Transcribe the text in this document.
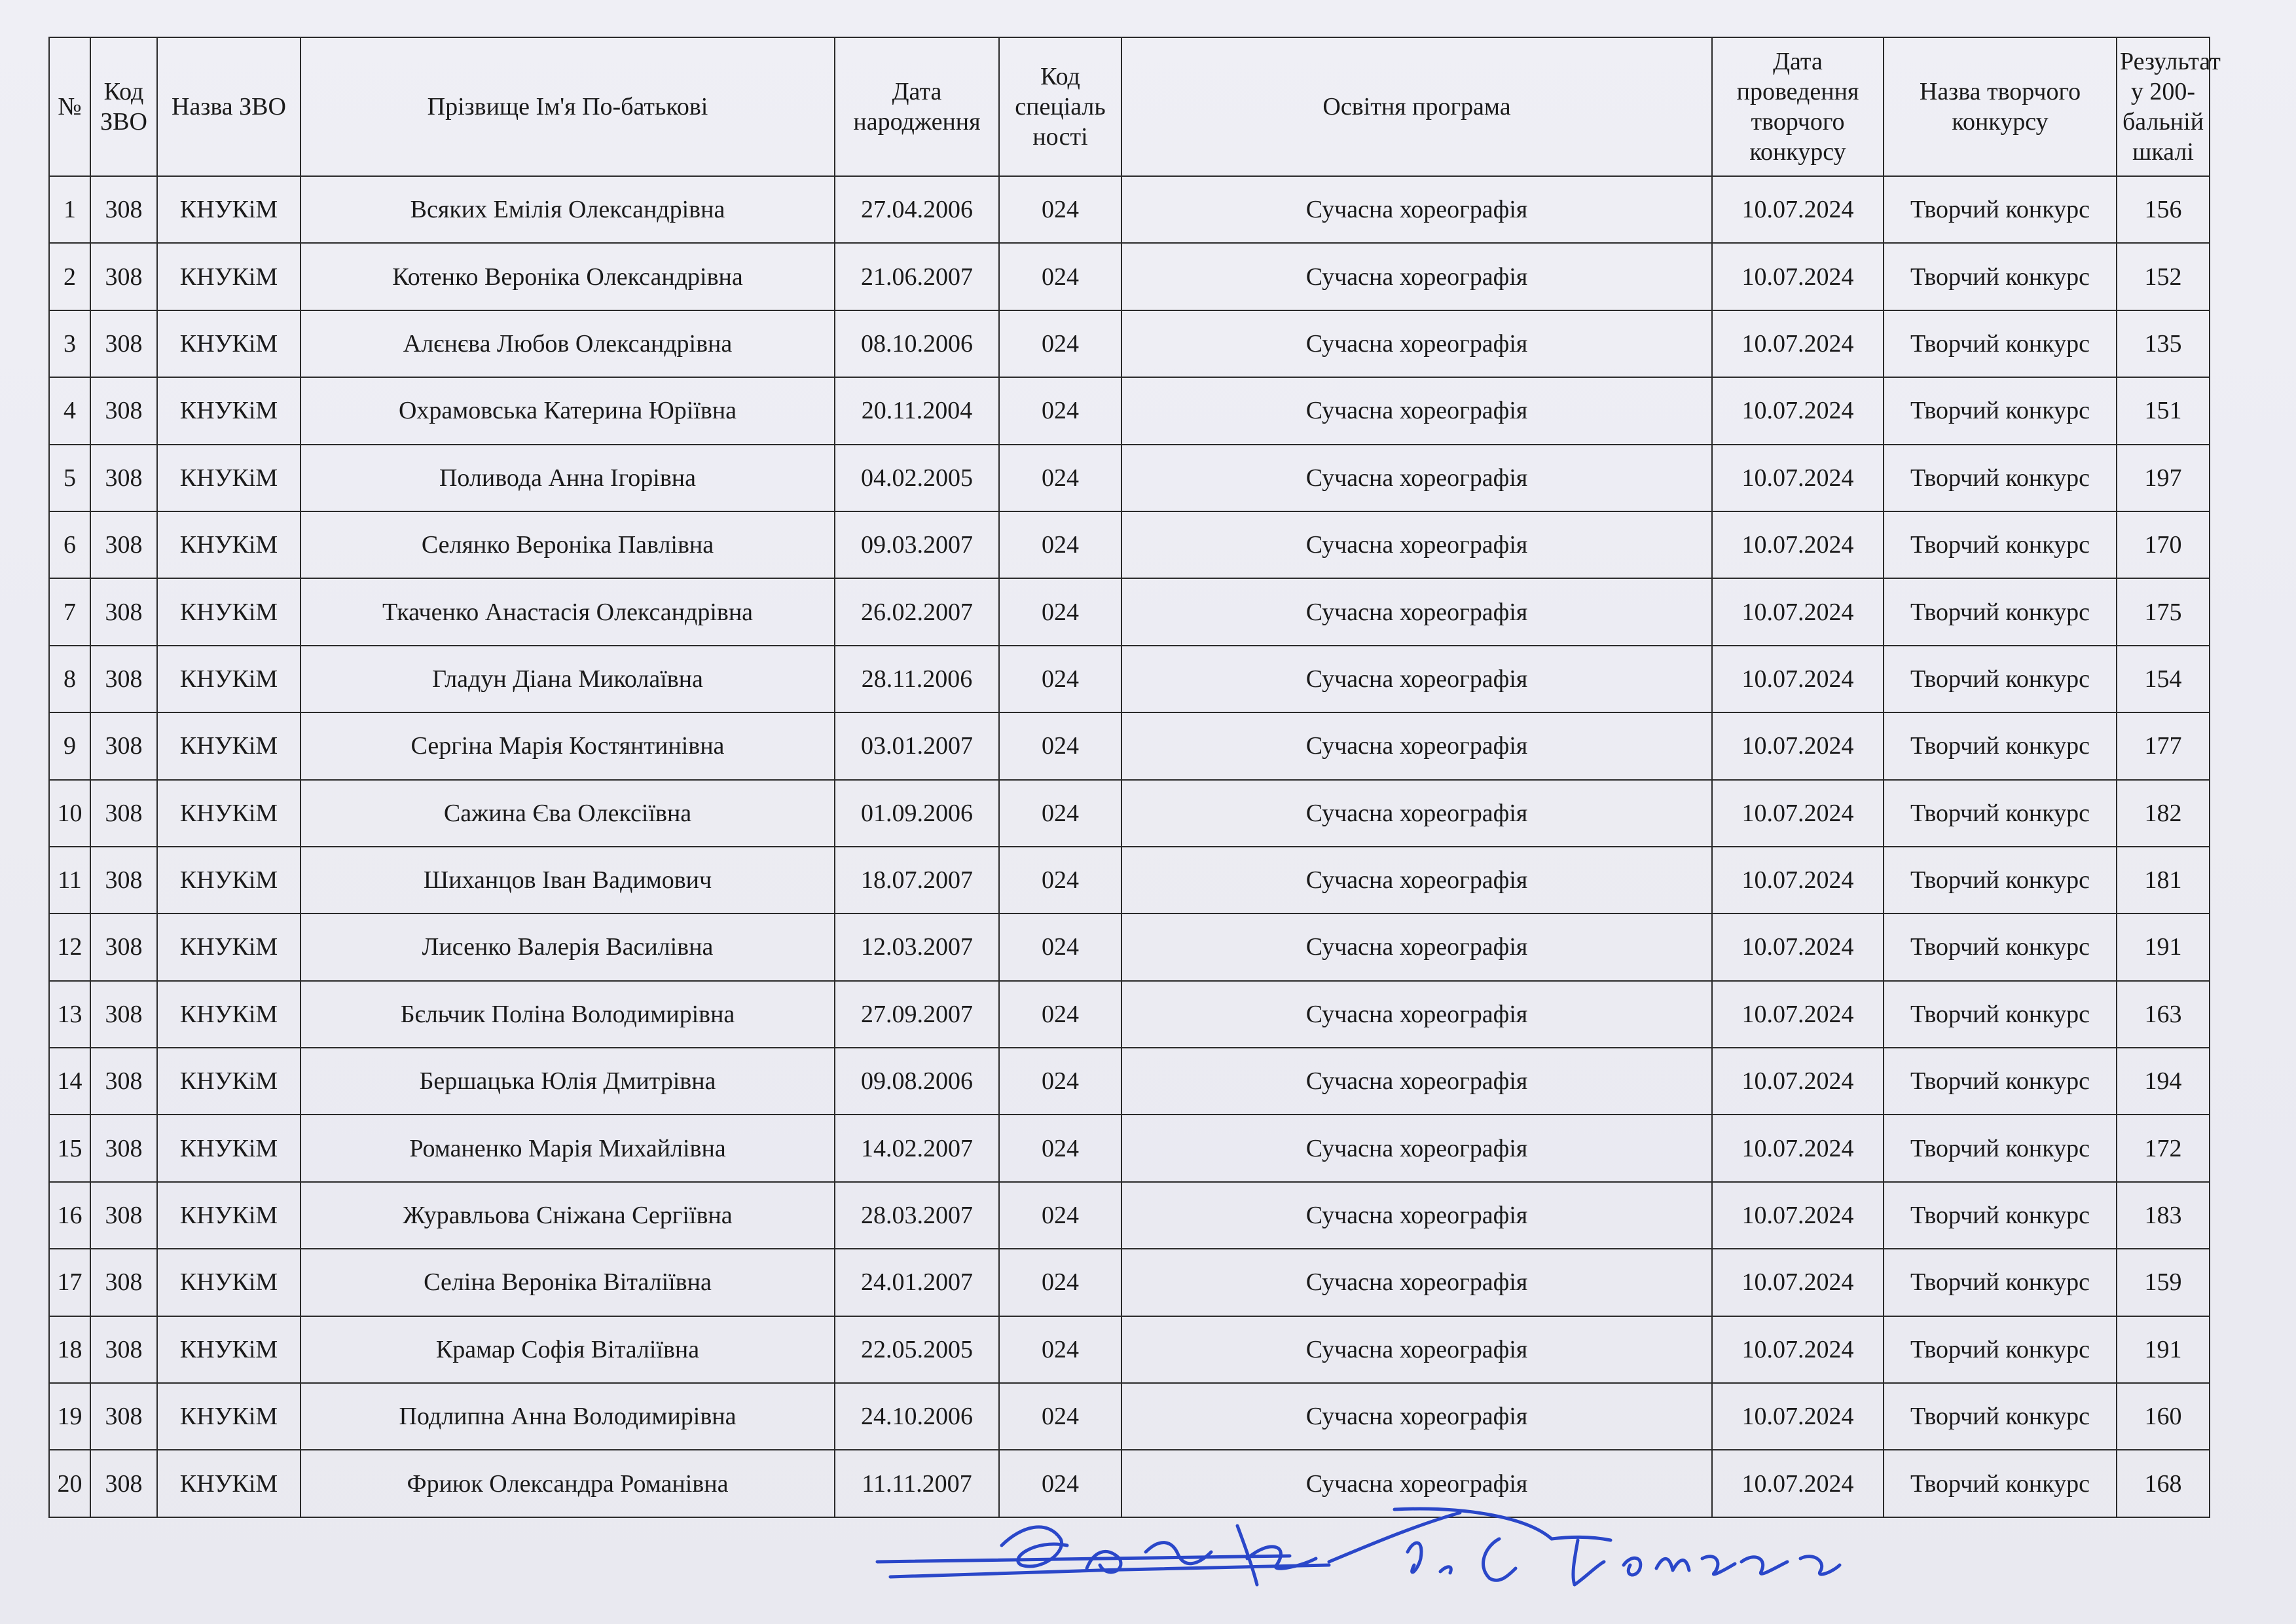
№	Код ЗВО	Назва ЗВО	Прізвище Ім'я По-батькові	Дата народження	Код спеціаль ності	Освітня програма	Дата проведення творчого конкурсу	Назва творчого конкурсу	Результат у 200-бальній шкалі
1	308	КНУКіМ	Всяких Емілія Олександрівна	27.04.2006	024	Сучасна хореографія	10.07.2024	Творчий конкурс	156
2	308	КНУКіМ	Котенко Вероніка Олександрівна	21.06.2007	024	Сучасна хореографія	10.07.2024	Творчий конкурс	152
3	308	КНУКіМ	Алєнєва Любов Олександрівна	08.10.2006	024	Сучасна хореографія	10.07.2024	Творчий конкурс	135
4	308	КНУКіМ	Охрамовська Катерина Юріївна	20.11.2004	024	Сучасна хореографія	10.07.2024	Творчий конкурс	151
5	308	КНУКіМ	Поливода Анна Ігорівна	04.02.2005	024	Сучасна хореографія	10.07.2024	Творчий конкурс	197
6	308	КНУКіМ	Селянко Вероніка Павлівна	09.03.2007	024	Сучасна хореографія	10.07.2024	Творчий конкурс	170
7	308	КНУКіМ	Ткаченко Анастасія Олександрівна	26.02.2007	024	Сучасна хореографія	10.07.2024	Творчий конкурс	175
8	308	КНУКіМ	Гладун Діана Миколаївна	28.11.2006	024	Сучасна хореографія	10.07.2024	Творчий конкурс	154
9	308	КНУКіМ	Сергіна Марія Костянтинівна	03.01.2007	024	Сучасна хореографія	10.07.2024	Творчий конкурс	177
10	308	КНУКіМ	Сажина Єва Олексіївна	01.09.2006	024	Сучасна хореографія	10.07.2024	Творчий конкурс	182
11	308	КНУКіМ	Шиханцов Іван Вадимович	18.07.2007	024	Сучасна хореографія	10.07.2024	Творчий конкурс	181
12	308	КНУКіМ	Лисенко Валерія Василівна	12.03.2007	024	Сучасна хореографія	10.07.2024	Творчий конкурс	191
13	308	КНУКіМ	Бєльчик Поліна Володимирівна	27.09.2007	024	Сучасна хореографія	10.07.2024	Творчий конкурс	163
14	308	КНУКіМ	Бершацька Юлія Дмитрівна	09.08.2006	024	Сучасна хореографія	10.07.2024	Творчий конкурс	194
15	308	КНУКіМ	Романенко Марія Михайлівна	14.02.2007	024	Сучасна хореографія	10.07.2024	Творчий конкурс	172
16	308	КНУКіМ	Журавльова Сніжана Сергіївна	28.03.2007	024	Сучасна хореографія	10.07.2024	Творчий конкурс	183
17	308	КНУКіМ	Селіна Вероніка Віталіївна	24.01.2007	024	Сучасна хореографія	10.07.2024	Творчий конкурс	159
18	308	КНУКіМ	Крамар Софія Віталіївна	22.05.2005	024	Сучасна хореографія	10.07.2024	Творчий конкурс	191
19	308	КНУКіМ	Подлипна Анна Володимирівна	24.10.2006	024	Сучасна хореографія	10.07.2024	Творчий конкурс	160
20	308	КНУКіМ	Фриюк Олександра Романівна	11.11.2007	024	Сучасна хореографія	10.07.2024	Творчий конкурс	168
